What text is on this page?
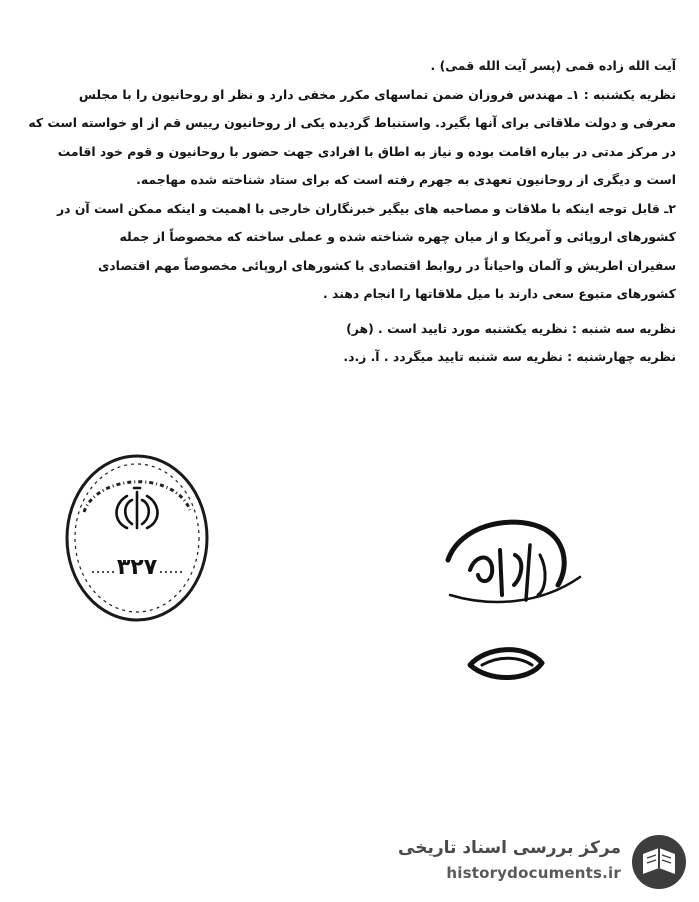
آیت الله زاده قمی (پسر آیت الله قمی) .

نظریه یکشنبه : ۱ـ مهندس فروزان ضمن تماسهای مکرر مخفی دارد و نظر او روحانیون را با مجلس

معرفی و دولت ملاقاتی برای آنها بگیرد. واستنباط گردیده یکی از روحانیون رییس قم از او خواسته است که

در مرکز مدتی در بیاره اقامت بوده و نیاز به اطاق با افرادی جهت حضور با روحانیون و قوم خود اقامت

است و دیگری از روحانیون تعهدی به جهرم رفته است که برای ستاد شناخته شده مهاجمه.

۲ـ قابل توجه اینکه با ملاقات و مصاحبه های بیگیر خبرنگاران خارجی با اهمیت و اینکه ممکن است آن در

کشورهای اروپائی و آمریکا و از میان چهره شناخته شده و عملی ساخته که مخصوصاً از جمله

سفیران اطریش و آلمان واحیاناً در روابط اقتصادی با کشورهای اروپائی مخصوصاً مهم اقتصادی

کشورهای متبوع سعی دارند با میل ملاقاتها را انجام دهند .

نظریه سه شنبه : نظریه یکشنبه مورد تایید است . (هر)

نظریه چهارشنبه : نظریه سه شنبه تایید میگردد . آ. ز.د.

۳۲۷
مرکز بررسی اسناد تاریخی
historydocuments.ir
